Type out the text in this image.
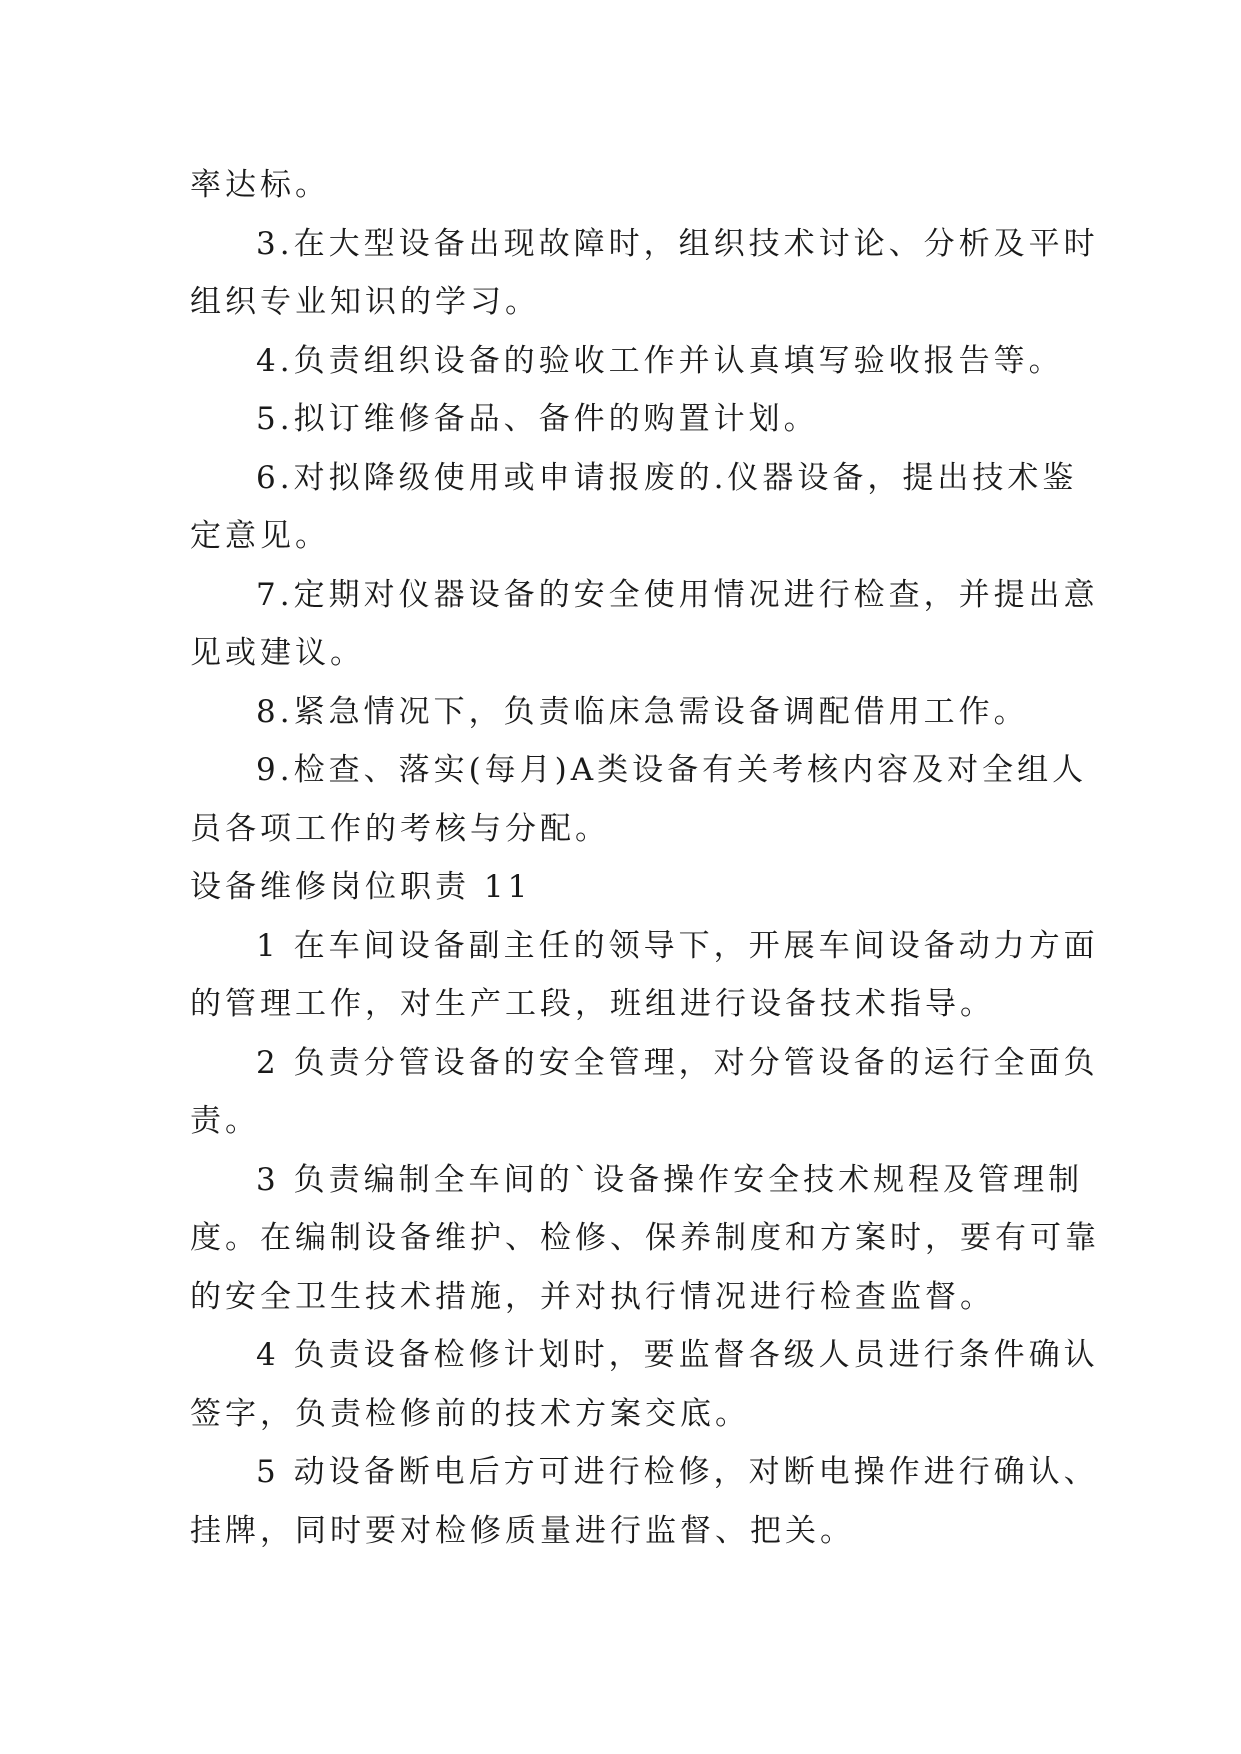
率达标。
3.在大型设备出现故障时，组织技术讨论、分析及平时
组织专业知识的学习。
4.负责组织设备的验收工作并认真填写验收报告等。
5.拟订维修备品、备件的购置计划。
6.对拟降级使用或申请报废的.仪器设备，提出技术鉴
定意见。
7.定期对仪器设备的安全使用情况进行检查，并提出意
见或建议。
8.紧急情况下，负责临床急需设备调配借用工作。
9.检查、落实(每月)A类设备有关考核内容及对全组人
员各项工作的考核与分配。
设备维修岗位职责 11
1 在车间设备副主任的领导下，开展车间设备动力方面
的管理工作，对生产工段，班组进行设备技术指导。
2 负责分管设备的安全管理，对分管设备的运行全面负
责。
3 负责编制全车间的`设备操作安全技术规程及管理制
度。在编制设备维护、检修、保养制度和方案时，要有可靠
的安全卫生技术措施，并对执行情况进行检查监督。
4 负责设备检修计划时，要监督各级人员进行条件确认
签字，负责检修前的技术方案交底。
5 动设备断电后方可进行检修，对断电操作进行确认、
挂牌，同时要对检修质量进行监督、把关。
